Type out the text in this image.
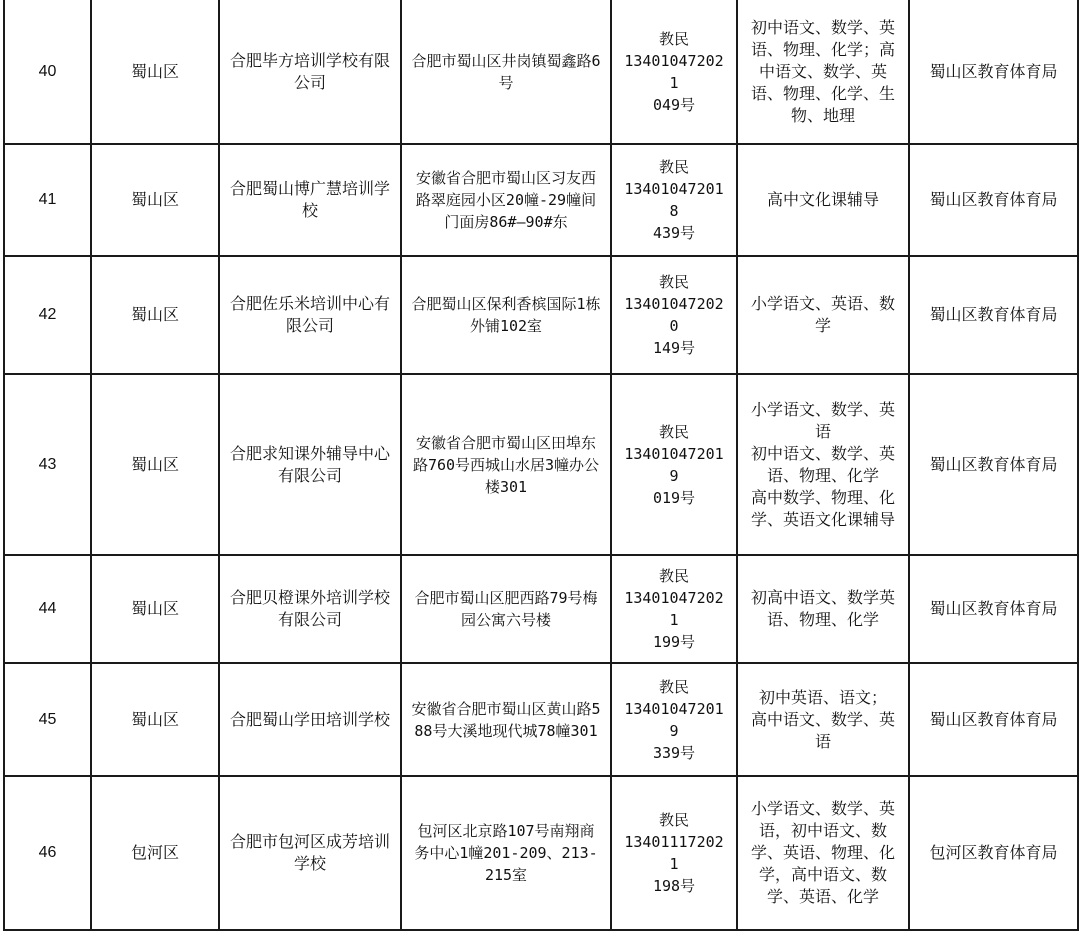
40	蜀山区	合肥毕方培训学校有限公司	合肥市蜀山区井岗镇蜀鑫路6号	教民
134010472021
049号	初中语文、数学、英语、物理、化学；高中语文、数学、英语、物理、化学、生物、地理	蜀山区教育体育局
41	蜀山区	合肥蜀山博广慧培训学校	安徽省合肥市蜀山区习友西路翠庭园小区20幢-29幢间门面房86#—90#东	教民
134010472018
439号	高中文化课辅导	蜀山区教育体育局
42	蜀山区	合肥佐乐米培训中心有限公司	合肥蜀山区保利香槟国际1栋外铺102室	教民
134010472020
149号	小学语文、英语、数学	蜀山区教育体育局
43	蜀山区	合肥求知课外辅导中心有限公司	安徽省合肥市蜀山区田埠东路760号西城山水居3幢办公楼301	教民
134010472019
019号	小学语文、数学、英语
初中语文、数学、英语、物理、化学
高中数学、物理、化学、英语文化课辅导	蜀山区教育体育局
44	蜀山区	合肥贝橙课外培训学校有限公司	合肥市蜀山区肥西路79号梅园公寓六号楼	教民
134010472021
199号	初高中语文、数学英语、物理、化学	蜀山区教育体育局
45	蜀山区	合肥蜀山学田培训学校	安徽省合肥市蜀山区黄山路588号大溪地现代城78幢301	教民
134010472019
339号	初中英语、语文；
高中语文、数学、英语	蜀山区教育体育局
46	包河区	合肥市包河区成芳培训学校	包河区北京路107号南翔商务中心1幢201-209、213-215室	教民
134011172021
198号	小学语文、数学、英语，初中语文、数学、英语、物理、化学，高中语文、数学、英语、化学	包河区教育体育局
